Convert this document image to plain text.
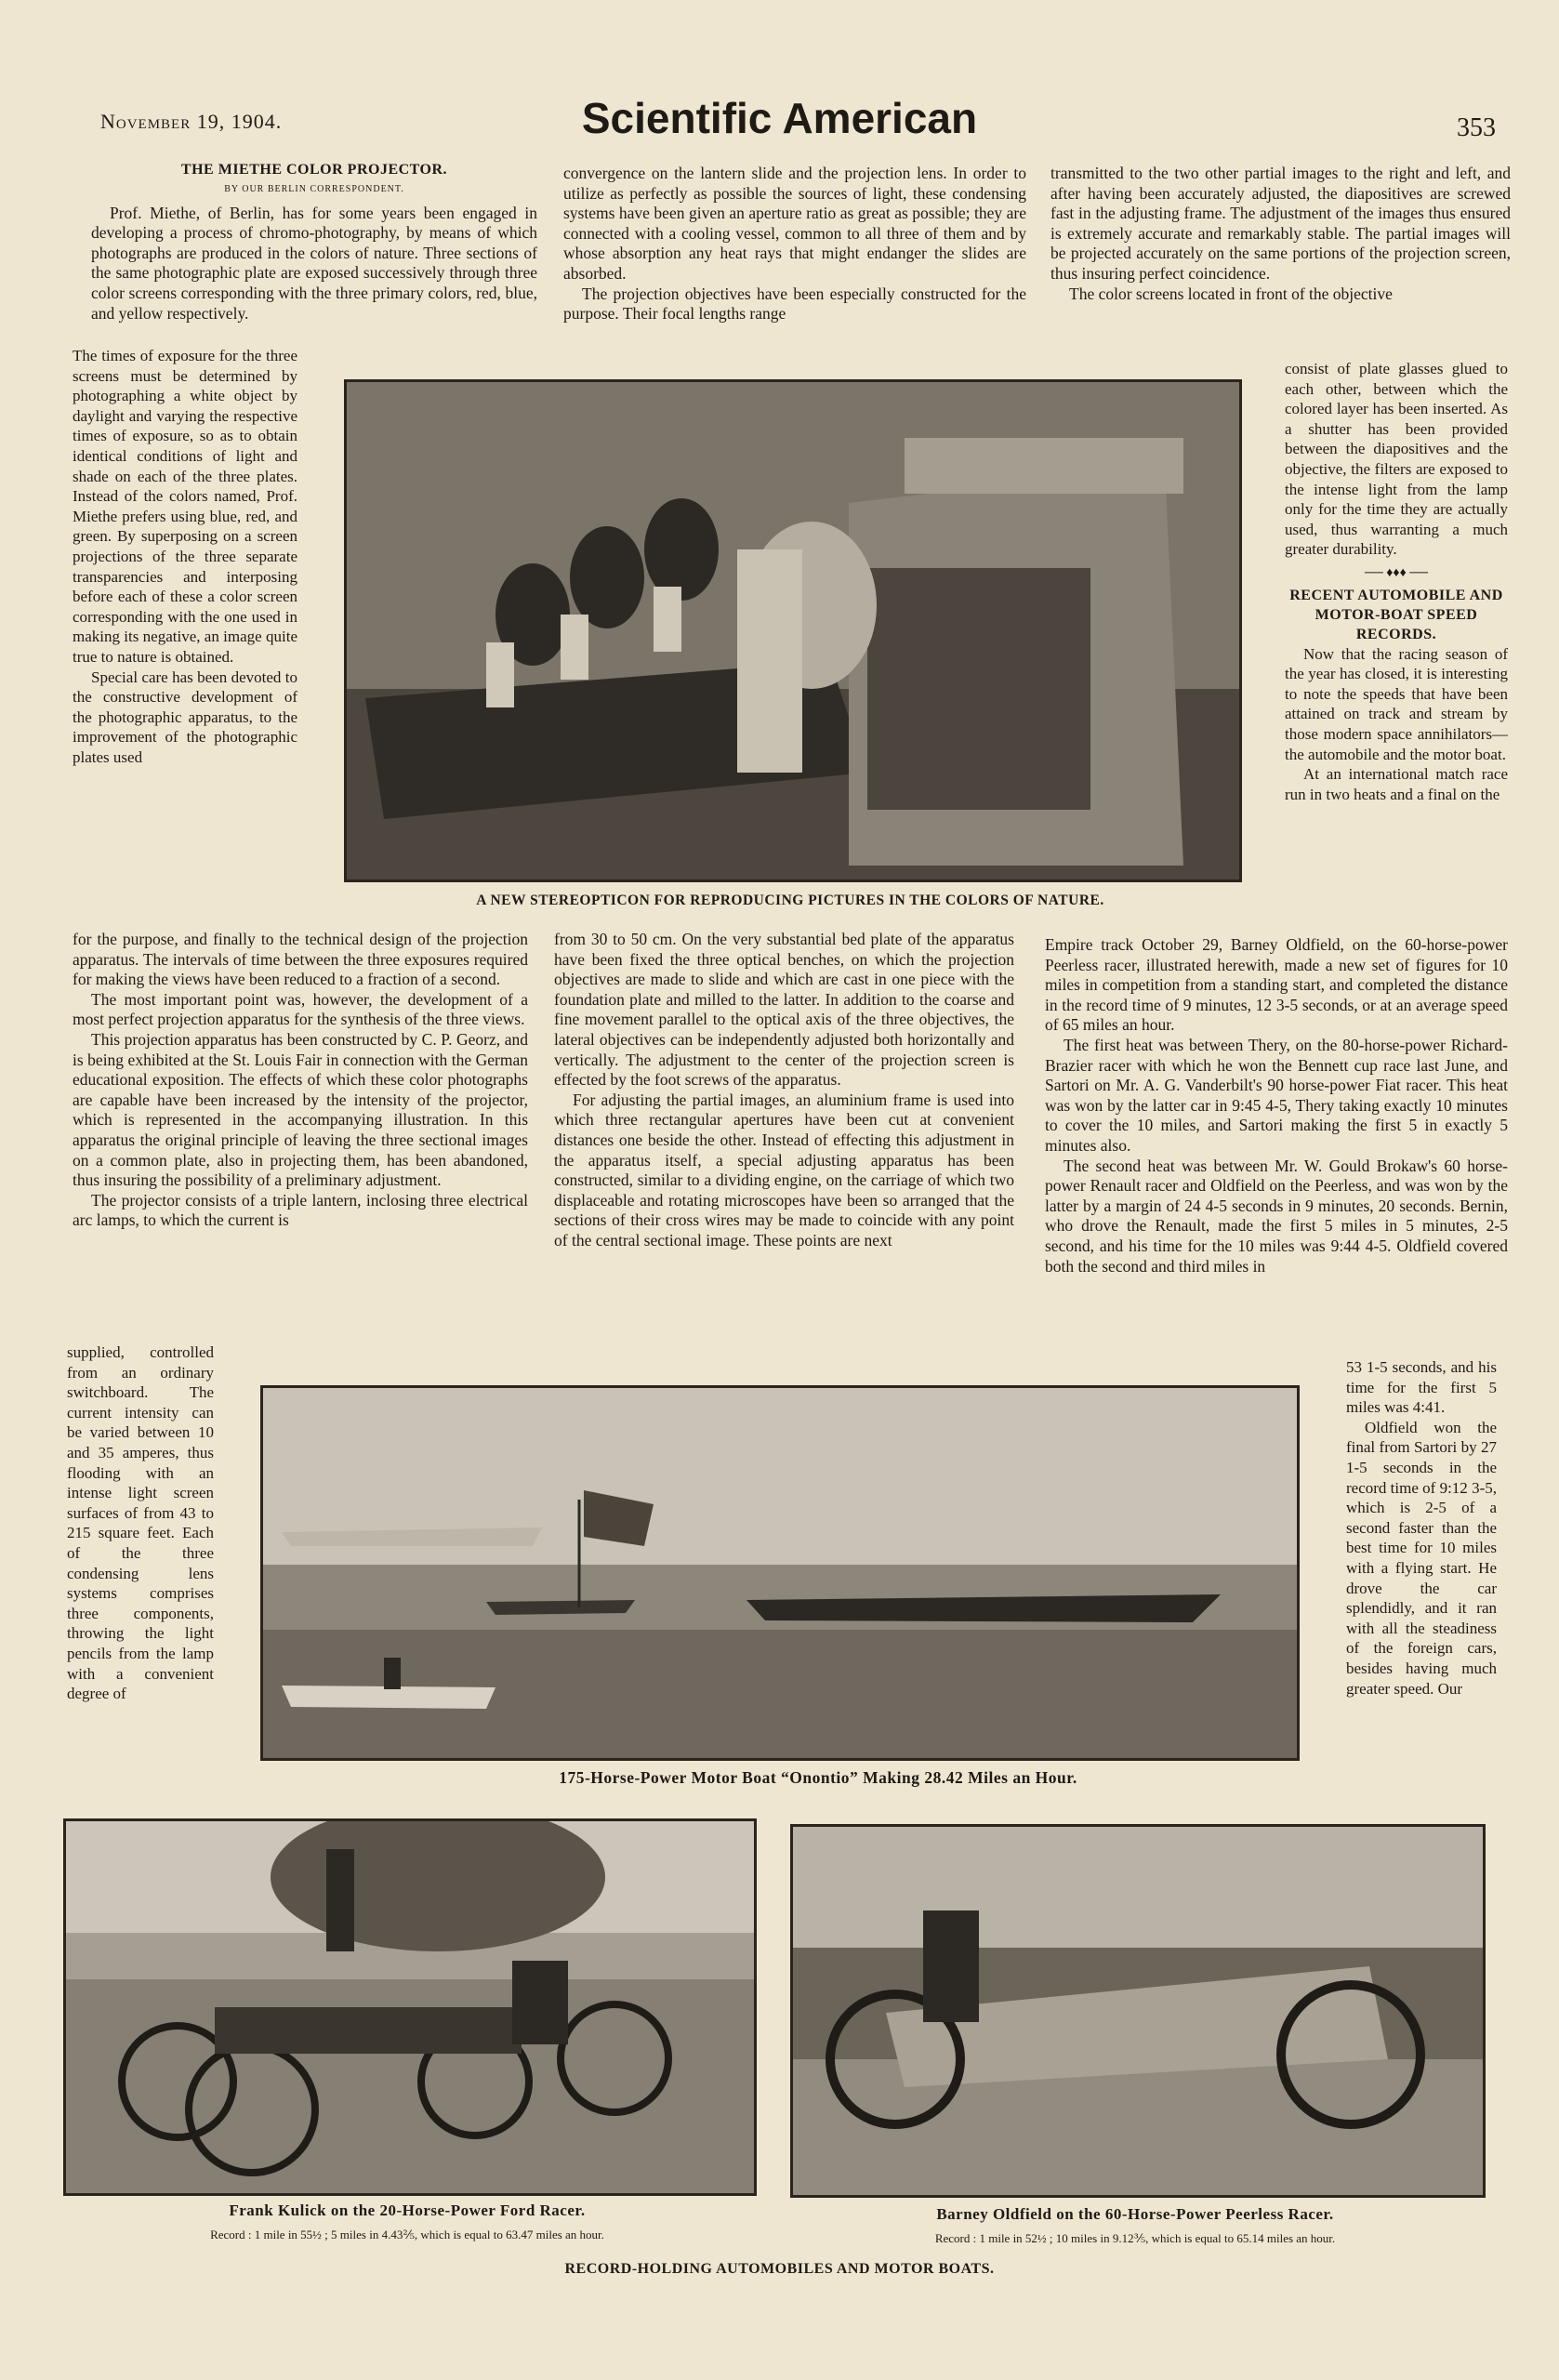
November 19, 1904.	Scientific American	353
THE MIETHE COLOR PROJECTOR.
BY OUR BERLIN CORRESPONDENT.

Prof. Miethe, of Berlin, has for some years been engaged in developing a process of chromo-photography, by means of which photographs are produced in the colors of nature. Three sections of the same photographic plate are exposed successively through three color screens corresponding with the three primary colors, red, blue, and yellow respectively.

The times of exposure for the three screens must be determined by photographing a white object by daylight and varying the respective times of exposure, so as to obtain identical conditions of light and shade on each of the three plates. Instead of the colors named, Prof. Miethe prefers using blue, red, and green. By superposing on a screen projections of the three separate transparencies and interposing before each of these a color screen corresponding with the one used in making its negative, an image quite true to nature is obtained.

Special care has been devoted to the constructive development of the photographic apparatus, to the improvement of the photographic plates used

convergence on the lantern slide and the projection lens. In order to utilize as perfectly as possible the sources of light, these condensing systems have been given an aperture ratio as great as possible; they are connected with a cooling vessel, common to all three of them and by whose absorption any heat rays that might endanger the slides are absorbed.

The projection objectives have been especially constructed for the purpose. Their focal lengths range

transmitted to the two other partial images to the right and left, and after having been accurately adjusted, the diapositives are screwed fast in the adjusting frame. The adjustment of the images thus ensured is extremely accurate and remarkably stable. The partial images will be projected accurately on the same portions of the projection screen, thus insuring perfect coincidence.

The color screens located in front of the objective

consist of plate glasses glued to each other, between which the colored layer has been inserted. As a shutter has been provided between the diapositives and the objective, the filters are exposed to the intense light from the lamp only for the time they are actually used, thus warranting a much greater durability.

── ♦♦♦ ──
RECENT AUTOMOBILE AND
MOTOR-BOAT SPEED
RECORDS.

Now that the racing season of the year has closed, it is interesting to note the speeds that have been attained on track and stream by those modern space annihilators—the automobile and the motor boat.

At an international match race run in two heats and a final on the

A NEW STEREOPTICON FOR REPRODUCING PICTURES IN THE COLORS OF NATURE.

for the purpose, and finally to the technical design of the projection apparatus. The intervals of time between the three exposures required for making the views have been reduced to a fraction of a second.

The most important point was, however, the development of a most perfect projection apparatus for the synthesis of the three views.

This projection apparatus has been constructed by C. P. Georz, and is being exhibited at the St. Louis Fair in connection with the German educational exposition. The effects of which these color photographs are capable have been increased by the intensity of the projector, which is represented in the accompanying illustration. In this apparatus the original principle of leaving the three sectional images on a common plate, also in projecting them, has been abandoned, thus insuring the possibility of a preliminary adjustment.

The projector consists of a triple lantern, inclosing three electrical arc lamps, to which the current is

supplied, controlled from an ordinary switchboard. The current intensity can be varied between 10 and 35 amperes, thus flooding with an intense light screen surfaces of from 43 to 215 square feet. Each of the three condensing lens systems comprises three components, throwing the light pencils from the lamp with a convenient degree of

from 30 to 50 cm. On the very substantial bed plate of the apparatus have been fixed the three optical benches, on which the projection objectives are made to slide and which are cast in one piece with the foundation plate and milled to the latter. In addition to the coarse and fine movement parallel to the optical axis of the three objectives, the lateral objectives can be independently adjusted both horizontally and vertically. The adjustment to the center of the projection screen is effected by the foot screws of the apparatus.

For adjusting the partial images, an aluminium frame is used into which three rectangular apertures have been cut at convenient distances one beside the other. Instead of effecting this adjustment in the apparatus itself, a special adjusting apparatus has been constructed, similar to a dividing engine, on the carriage of which two displaceable and rotating microscopes have been so arranged that the sections of their cross wires may be made to coincide with any point of the central sectional image. These points are next

Empire track October 29, Barney Oldfield, on the 60-horse-power Peerless racer, illustrated herewith, made a new set of figures for 10 miles in competition from a standing start, and completed the distance in the record time of 9 minutes, 12 3-5 seconds, or at an average speed of 65 miles an hour.

The first heat was between Thery, on the 80-horse-power Richard-Brazier racer with which he won the Bennett cup race last June, and Sartori on Mr. A. G. Vanderbilt's 90 horse-power Fiat racer. This heat was won by the latter car in 9:45 4-5, Thery taking exactly 10 minutes to cover the 10 miles, and Sartori making the first 5 in exactly 5 minutes also.

The second heat was between Mr. W. Gould Brokaw's 60 horse-power Renault racer and Oldfield on the Peerless, and was won by the latter by a margin of 24 4-5 seconds in 9 minutes, 20 seconds. Bernin, who drove the Renault, made the first 5 miles in 5 minutes, 2-5 second, and his time for the 10 miles was 9:44 4-5. Oldfield covered both the second and third miles in

53 1-5 seconds, and his time for the first 5 miles was 4:41.

Oldfield won the final from Sartori by 27 1-5 seconds in the record time of 9:12 3-5, which is 2-5 of a second faster than the best time for 10 miles with a flying start. He drove the car splendidly, and it ran with all the steadiness of the foreign cars, besides having much greater speed. Our

175-Horse-Power Motor Boat “Onontio” Making 28.42 Miles an Hour.
Frank Kulick on the 20-Horse-Power Ford Racer.
Record : 1 mile in 55½ ; 5 miles in 4.43⅖, which is equal to 63.47 miles an hour.
Barney Oldfield on the 60-Horse-Power Peerless Racer.
Record : 1 mile in 52½ ; 10 miles in 9.12⅗, which is equal to 65.14 miles an hour.
RECORD-HOLDING AUTOMOBILES AND MOTOR BOATS.
